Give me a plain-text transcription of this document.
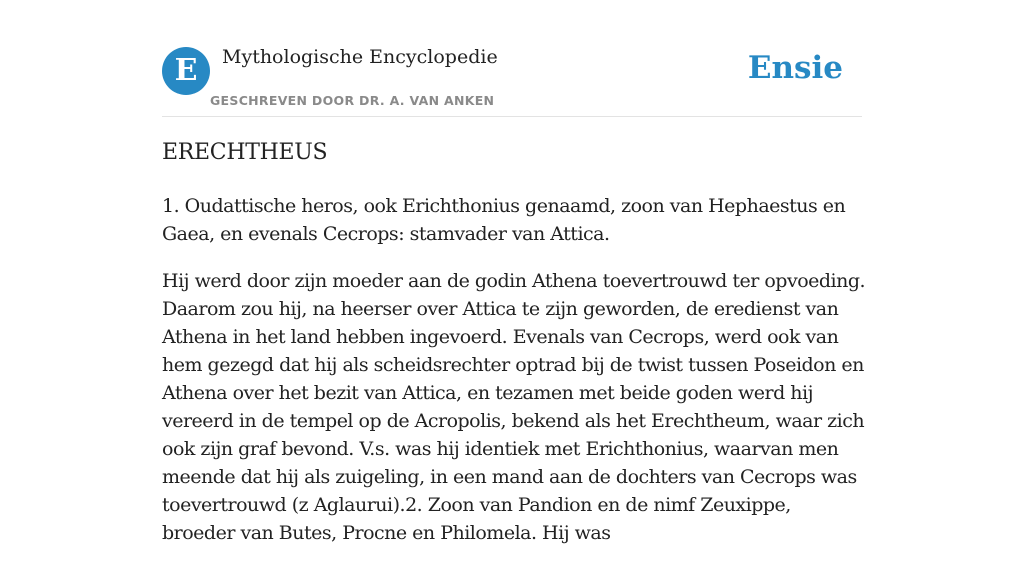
E	Mythologische Encyclopedie
GESCHREVEN DOOR DR. A. VAN ANKEN
Ensie
ERECHTHEUS

1. Oudattische heros, ook Erichthonius genaamd, zoon van Hephaestus en Gaea, en evenals Cecrops: stamvader van Attica.

Hij werd door zijn moeder aan de godin Athena toevertrouwd ter opvoeding. Daarom zou hij, na heerser over Attica te zijn geworden, de eredienst van Athena in het land hebben ingevoerd. Evenals van Cecrops, werd ook van hem gezegd dat hij als scheidsrechter optrad bij de twist tussen Poseidon en Athena over het bezit van Attica, en tezamen met beide goden werd hij vereerd in de tempel op de Acropolis, bekend als het Erechtheum, waar zich ook zijn graf bevond. V.s. was hij identiek met Erichthonius, waarvan men meende dat hij als zuigeling, in een mand aan de dochters van Cecrops was toevertrouwd (z Aglaurui).2. Zoon van Pandion en de nimf Zeuxippe, broeder van Butes, Procne en Philomela. Hij was
